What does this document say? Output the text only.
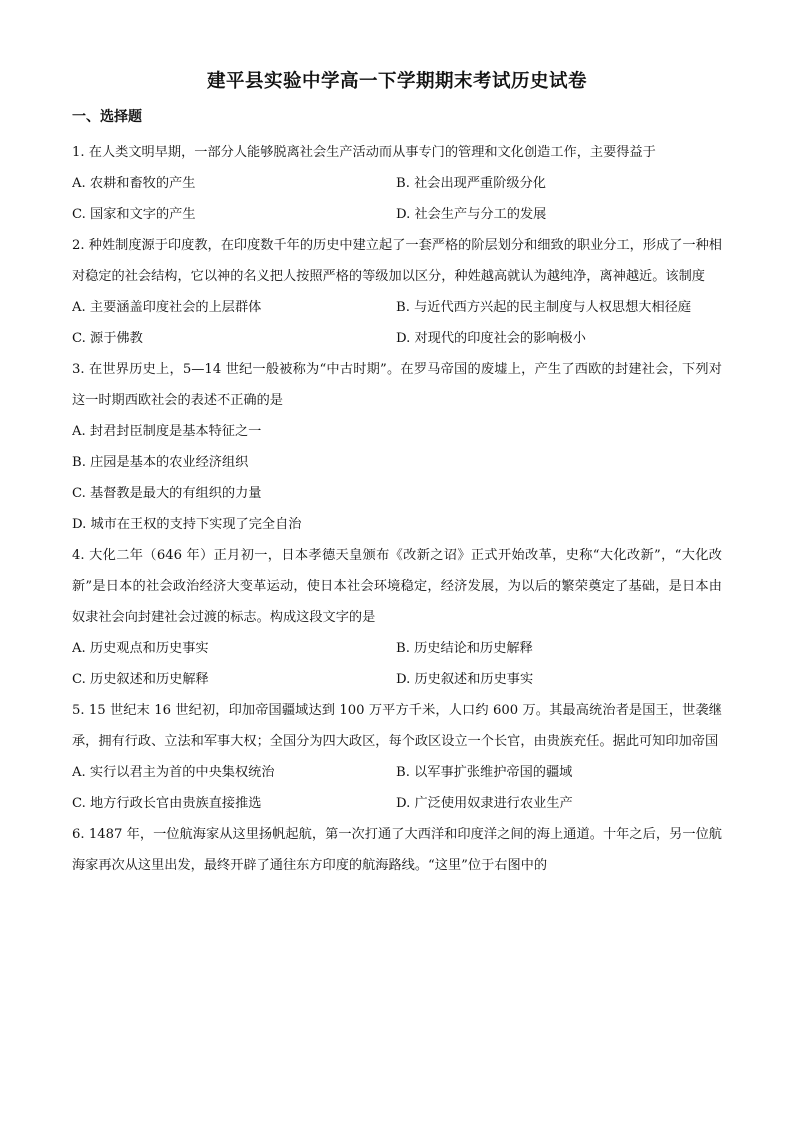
建平县实验中学高一下学期期末考试历史试卷
一、选择题

1. 在人类文明早期，一部分人能够脱离社会生产活动而从事专门的管理和文化创造工作，主要得益于

A. 农耕和畜牧的产生	B. 社会出现严重阶级分化
C. 国家和文字的产生	D. 社会生产与分工的发展

2. 种姓制度源于印度教，在印度数千年的历史中建立起了一套严格的阶层划分和细致的职业分工，形成了一种相对稳定的社会结构，它以神的名义把人按照严格的等级加以区分，种姓越高就认为越纯净，离神越近。该制度

A. 主要涵盖印度社会的上层群体	B. 与近代西方兴起的民主制度与人权思想大相径庭
C. 源于佛教	D. 对现代的印度社会的影响极小

3. 在世界历史上，5—14 世纪一般被称为“中古时期”。在罗马帝国的废墟上，产生了西欧的封建社会，下列对这一时期西欧社会的表述不正确的是

A. 封君封臣制度是基本特征之一
B. 庄园是基本的农业经济组织
C. 基督教是最大的有组织的力量
D. 城市在王权的支持下实现了完全自治

4. 大化二年（646 年）正月初一，日本孝德天皇颁布《改新之诏》正式开始改革，史称“大化改新”，“大化改新”是日本的社会政治经济大变革运动，使日本社会环境稳定，经济发展，为以后的繁荣奠定了基础，是日本由奴隶社会向封建社会过渡的标志。构成这段文字的是

A. 历史观点和历史事实	B. 历史结论和历史解释
C. 历史叙述和历史解释	D. 历史叙述和历史事实

5. 15 世纪末 16 世纪初，印加帝国疆域达到 100 万平方千米，人口约 600 万。其最高统治者是国王，世袭继承，拥有行政、立法和军事大权；全国分为四大政区，每个政区设立一个长官，由贵族充任。据此可知印加帝国

A. 实行以君主为首的中央集权统治	B. 以军事扩张维护帝国的疆域
C. 地方行政长官由贵族直接推选	D. 广泛使用奴隶进行农业生产

6. 1487 年，一位航海家从这里扬帆起航，第一次打通了大西洋和印度洋之间的海上通道。十年之后，另一位航海家再次从这里出发，最终开辟了通往东方印度的航海路线。“这里”位于右图中的
